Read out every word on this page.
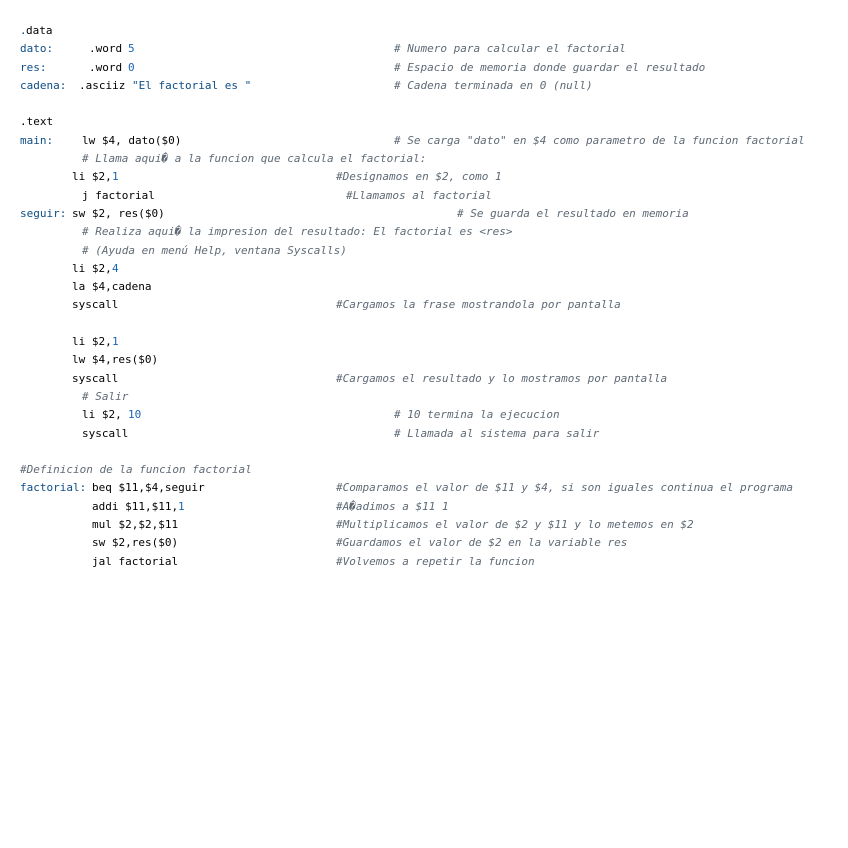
.

data

dato:

	.word

5

	# Numero para calcular el factorial

res:

	.word

0

	# Espacio de memoria donde guardar el resultado

cadena:

.asciiz

"El factorial es "

	# Cadena terminada en 0 (null)

.text

main:

	lw $4, dato($0)

	# Se carga "dato" en $4 como parametro de la funcion factorial

# Llama aqui� a la funcion que calcula el factorial:

li $2,

1

	#Designamos en $2, como 1

j factorial

	#Llamamos al factorial

seguir:

sw $2, res($0)

	# Se guarda el resultado en memoria

# Realiza aqui� la impresion del resultado: El factorial es <res>

# (Ayuda en menú Help, ventana Syscalls)

li $2,

4

la $4,cadena

syscall

	#Cargamos la frase mostrandola por pantalla

li $2,

1

lw $4,res($0)

syscall

	#Cargamos el resultado y lo mostramos por pantalla

# Salir

li $2,

10

	# 10 termina la ejecucion

syscall

	# Llamada al sistema para salir

#Definicion de la funcion factorial

factorial:

beq $11,$4,seguir

	#Comparamos el valor de $11 y $4, si son iguales continua el programa

addi $11,$11,

1

	#A�adimos a $11 1

mul $2,$2,$11

	#Multiplicamos el valor de $2 y $11 y lo metemos en $2

sw $2,res($0)

	#Guardamos el valor de $2 en la variable res

jal factorial

	#Volvemos a repetir la funcion
